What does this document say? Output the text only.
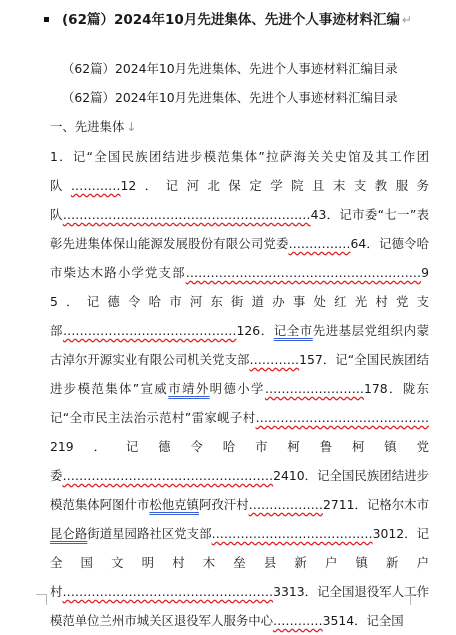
(62篇）2024年10月先进集体、先进个人事迹材料汇编 ↵
（62篇）2024年10月先进集体、先进个人事迹材料汇编目录
（62篇）2024年10月先进集体、先进个人事迹材料汇编目录
一、先进集体 ↓
1．记“全国民族团结进步模范集体”拉萨海关关史馆及其工作团队…………12．记河北保定学院且末支教服务队……………………………………………………43．记市委“七一”表彰先进集体保山能源发展股份有限公司党委……………64．记德令哈市柴达木路小学党支部…………………………………………………95．记德令哈市河东街道办事处红光村党支部……………………………………126．记全市先进基层党组织内蒙古淖尔开源实业有限公司机关党支部…………157．记“全国民族团结进步模范集体”宣威市靖外明德小学……………………178．陇东记“全市民主法治示范村”雷家岘子村……………………………………219．记德令哈市柯鲁柯镇党委……………………………………………2410．记全国民族团结进步模范集体阿图什市松他克镇阿孜汗村………………2711．记格尔木市昆仑路街道星园路社区党支部…………………………………3012．记全国文明村木垒县新户镇新户村……………………………………………3313．记全国退役军人工作模范单位兰州市城关区退役军人服务中心…………3514．记全国
